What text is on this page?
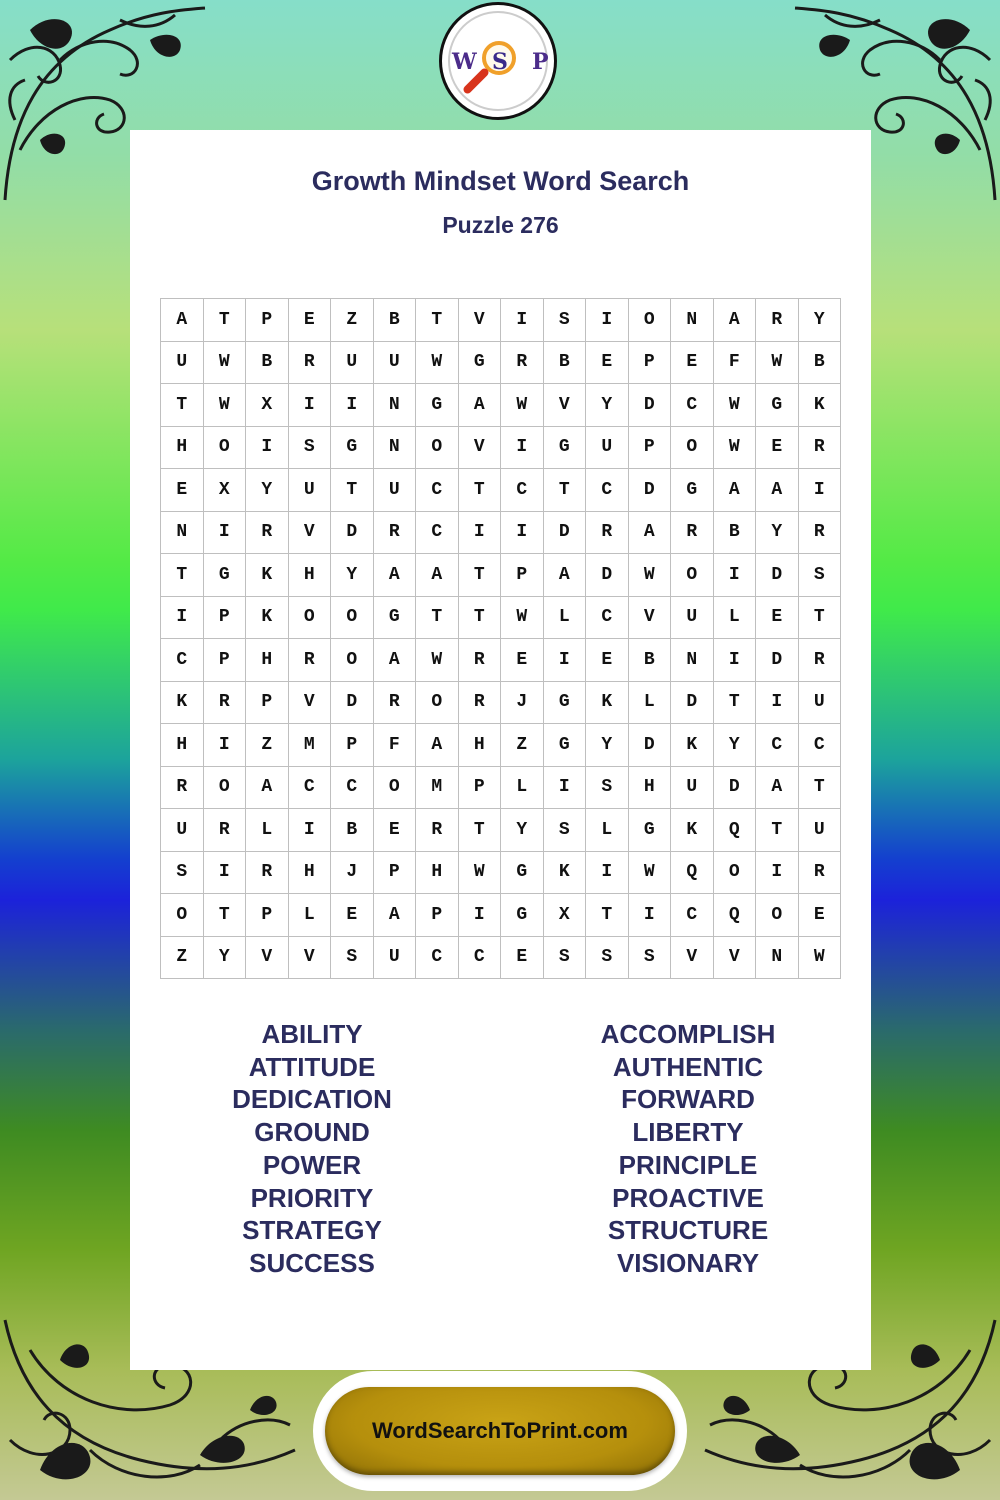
W S P
Growth Mindset Word Search
Puzzle 276
A	T	P	E	Z	B	T	V	I	S	I	O	N	A	R	Y
U	W	B	R	U	U	W	G	R	B	E	P	E	F	W	B
T	W	X	I	I	N	G	A	W	V	Y	D	C	W	G	K
H	O	I	S	G	N	O	V	I	G	U	P	O	W	E	R
E	X	Y	U	T	U	C	T	C	T	C	D	G	A	A	I
N	I	R	V	D	R	C	I	I	D	R	A	R	B	Y	R
T	G	K	H	Y	A	A	T	P	A	D	W	O	I	D	S
I	P	K	O	O	G	T	T	W	L	C	V	U	L	E	T
C	P	H	R	O	A	W	R	E	I	E	B	N	I	D	R
K	R	P	V	D	R	O	R	J	G	K	L	D	T	I	U
H	I	Z	M	P	F	A	H	Z	G	Y	D	K	Y	C	C
R	O	A	C	C	O	M	P	L	I	S	H	U	D	A	T
U	R	L	I	B	E	R	T	Y	S	L	G	K	Q	T	U
S	I	R	H	J	P	H	W	G	K	I	W	Q	O	I	R
O	T	P	L	E	A	P	I	G	X	T	I	C	Q	O	E
Z	Y	V	V	S	U	C	C	E	S	S	S	V	V	N	W
ABILITY
ATTITUDE
DEDICATION
GROUND
POWER
PRIORITY
STRATEGY
SUCCESS
ACCOMPLISH
AUTHENTIC
FORWARD
LIBERTY
PRINCIPLE
PROACTIVE
STRUCTURE
VISIONARY
WordSearchToPrint.com
